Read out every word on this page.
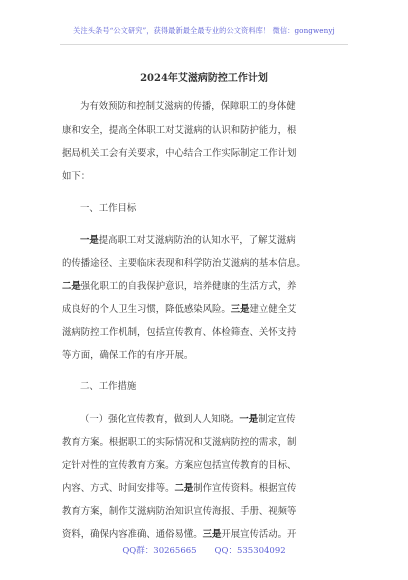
关注头条号“公文研究”，获得最新最全最专业的公文资料库！ 微信：gongwenyj
2024年艾滋病防控工作计划
为有效预防和控制艾滋病的传播，保障职工的身体健
康和安全，提高全体职工对艾滋病的认识和防护能力，根
据局机关工会有关要求，中心结合工作实际制定工作计划
如下：
一、工作目标
一是提高职工对艾滋病防治的认知水平，了解艾滋病
的传播途径、主要临床表现和科学防治艾滋病的基本信息。
二是强化职工的自我保护意识，培养健康的生活方式，养
成良好的个人卫生习惯，降低感染风险。三是建立健全艾
滋病防控工作机制，包括宣传教育、体检筛查、关怀支持
等方面，确保工作的有序开展。
二、工作措施
（一）强化宣传教育，做到人人知晓。一是制定宣传
教育方案。根据职工的实际情况和艾滋病防控的需求，制
定针对性的宣传教育方案。方案应包括宣传教育的目标、
内容、方式、时间安排等。二是制作宣传资料。根据宣传
教育方案，制作艾滋病防治知识宣传海报、手册、视频等
资料，确保内容准确、通俗易懂。三是开展宣传活动。开
QQ群：30265665 QQ：535304092
